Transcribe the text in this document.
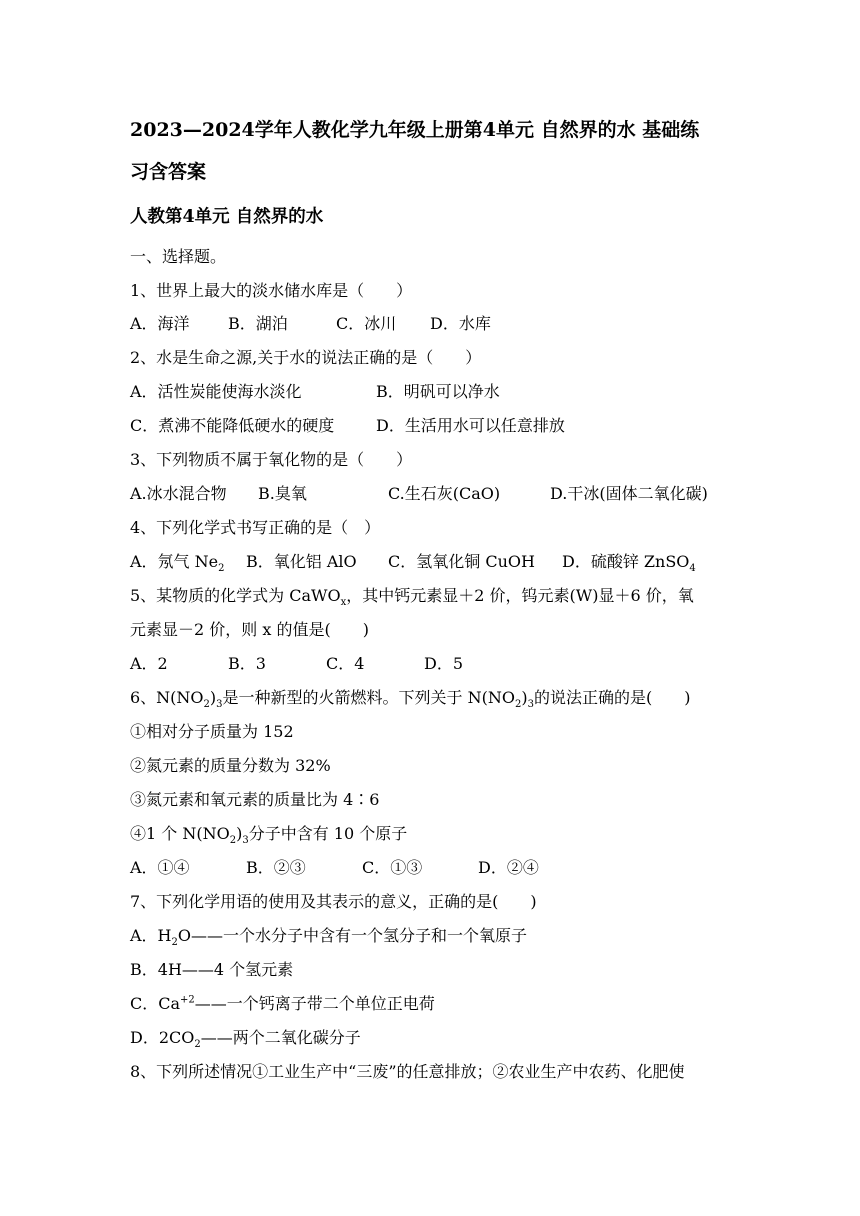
2023—2024学年人教化学九年级上册第4单元 自然界的水 基础练
习含答案
人教第4单元 自然界的水
一、选择题。
1、世界上最大的淡水储水库是（　　）
A．海洋 B．湖泊	C．冰川 D．水库
2、水是生命之源,关于水的说法正确的是（　　）
A．活性炭能使海水淡化	B．明矾可以净水
C．煮沸不能降低硬水的硬度	D．生活用水可以任意排放
3、下列物质不属于氧化物的是（　　）
A.冰水混合物 B.臭氧	C.生石灰(CaO)	D.干冰(固体二氧化碳)
4、下列化学式书写正确的是（　）
A．氖气 $Ne_2$ B．氧化铝 AlO C．氢氧化铜 CuOH D．硫酸锌 ZnSO$_4$
5、某物质的化学式为 CaWO$_x$，其中钙元素显＋2 价，钨元素(W)显＋6 价，氧
元素显－2 价，则 x 的值是(　　)
A．2	B．3	C．4	D．5
6、$N(NO_2)_3$是一种新型的火箭燃料。下列关于 $N(NO_2)_3$的说法正确的是(　　)
①相对分子质量为 152
②氮元素的质量分数为 32%
③氮元素和氧元素的质量比为 4∶6
④1 个 $N(NO_2)_3$分子中含有 10 个原子
A．①④	B．②③	C．①③	D．②④
7、下列化学用语的使用及其表示的意义，正确的是(　　)
A．$H_2O——$一个水分子中含有一个氢分子和一个氧原子
B．4H——4 个氢元素
C．$Ca^{+2}——$一个钙离子带二个单位正电荷
D．$2CO_2——$两个二氧化碳分子
8、下列所述情况①工业生产中“三废”的任意排放；②农业生产中农药、化肥使
